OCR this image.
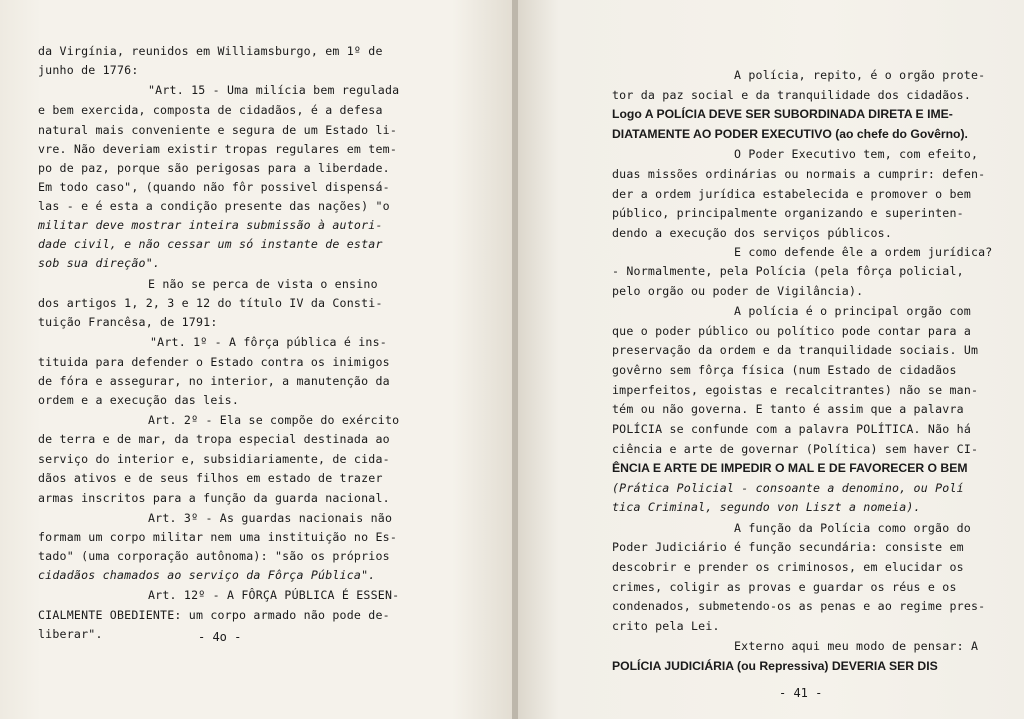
da Virgínia, reunidos em Williamsburgo, em 1º de
junho de 1776:
"Art. 15 - Uma milícia bem regulada
e bem exercida, composta de cidadãos, é a defesa
natural mais conveniente e segura de um Estado li-
vre. Não deveriam existir tropas regulares em tem-
po de paz, porque são perigosas para a liberdade.
Em todo caso", (quando não fôr possivel dispensá-
las - e é esta a condição presente das nações) "o
militar deve mostrar inteira submissão à autori-
dade civil, e não cessar um só instante de estar
sob sua direção".
E não se perca de vista o ensino
dos artigos 1, 2, 3 e 12 do título IV da Consti-
tuição Francêsa, de 1791:
"Art. 1º - A fôrça pública é ins-
tituida para defender o Estado contra os inimigos
de fóra e assegurar, no interior, a manutenção da
ordem e a execução das leis.
Art. 2º - Ela se compõe do exército
de terra e de mar, da tropa especial destinada ao
serviço do interior e, subsidiariamente, de cida-
dãos ativos e de seus filhos em estado de trazer
armas inscritos para a função da guarda nacional.
Art. 3º - As guardas nacionais não
formam um corpo militar nem uma instituição no Es-
tado" (uma corporação autônoma): "são os próprios
cidadãos chamados ao serviço da Fôrça Pública".
Art. 12º - A FÔRÇA PÚBLICA É ESSEN-
CIALMENTE OBEDIENTE: um corpo armado não pode de-
liberar".
A polícia, repito, é o orgão prote-
tor da paz social e da tranquilidade dos cidadãos.
Logo A POLÍCIA DEVE SER SUBORDINADA DIRETA E IME-
DIATAMENTE AO PODER EXECUTIVO (ao chefe do Govêrno).
O Poder Executivo tem, com efeito,
duas missões ordinárias ou normais a cumprir: defen-
der a ordem jurídica estabelecida e promover o bem
público, principalmente organizando e superinten-
dendo a execução dos serviços públicos.
E como defende êle a ordem jurídica?
- Normalmente, pela Polícia (pela fôrça policial,
pelo orgão ou poder de Vigilância).
A polícia é o principal orgão com
que o poder público ou político pode contar para a
preservação da ordem e da tranquilidade sociais. Um
govêrno sem fôrça física (num Estado de cidadãos
imperfeitos, egoistas e recalcitrantes) não se man-
tém ou não governa. E tanto é assim que a palavra
POLÍCIA se confunde com a palavra POLÍTICA. Não há
ciência e arte de governar (Política) sem haver CI-
ÊNCIA E ARTE DE IMPEDIR O MAL E DE FAVORECER O BEM
(Prática Policial - consoante a denomino, ou Polí
tica Criminal, segundo von Liszt a nomeia).
A função da Polícia como orgão do
Poder Judiciário é função secundária: consiste em
descobrir e prender os criminosos, em elucidar os
crimes, coligir as provas e guardar os réus e os
condenados, submetendo-os as penas e ao regime pres-
crito pela Lei.
Externo aqui meu modo de pensar: A
POLÍCIA JUDICIÁRIA (ou Repressiva) DEVERIA SER DIS
- 4o -
- 41 -
